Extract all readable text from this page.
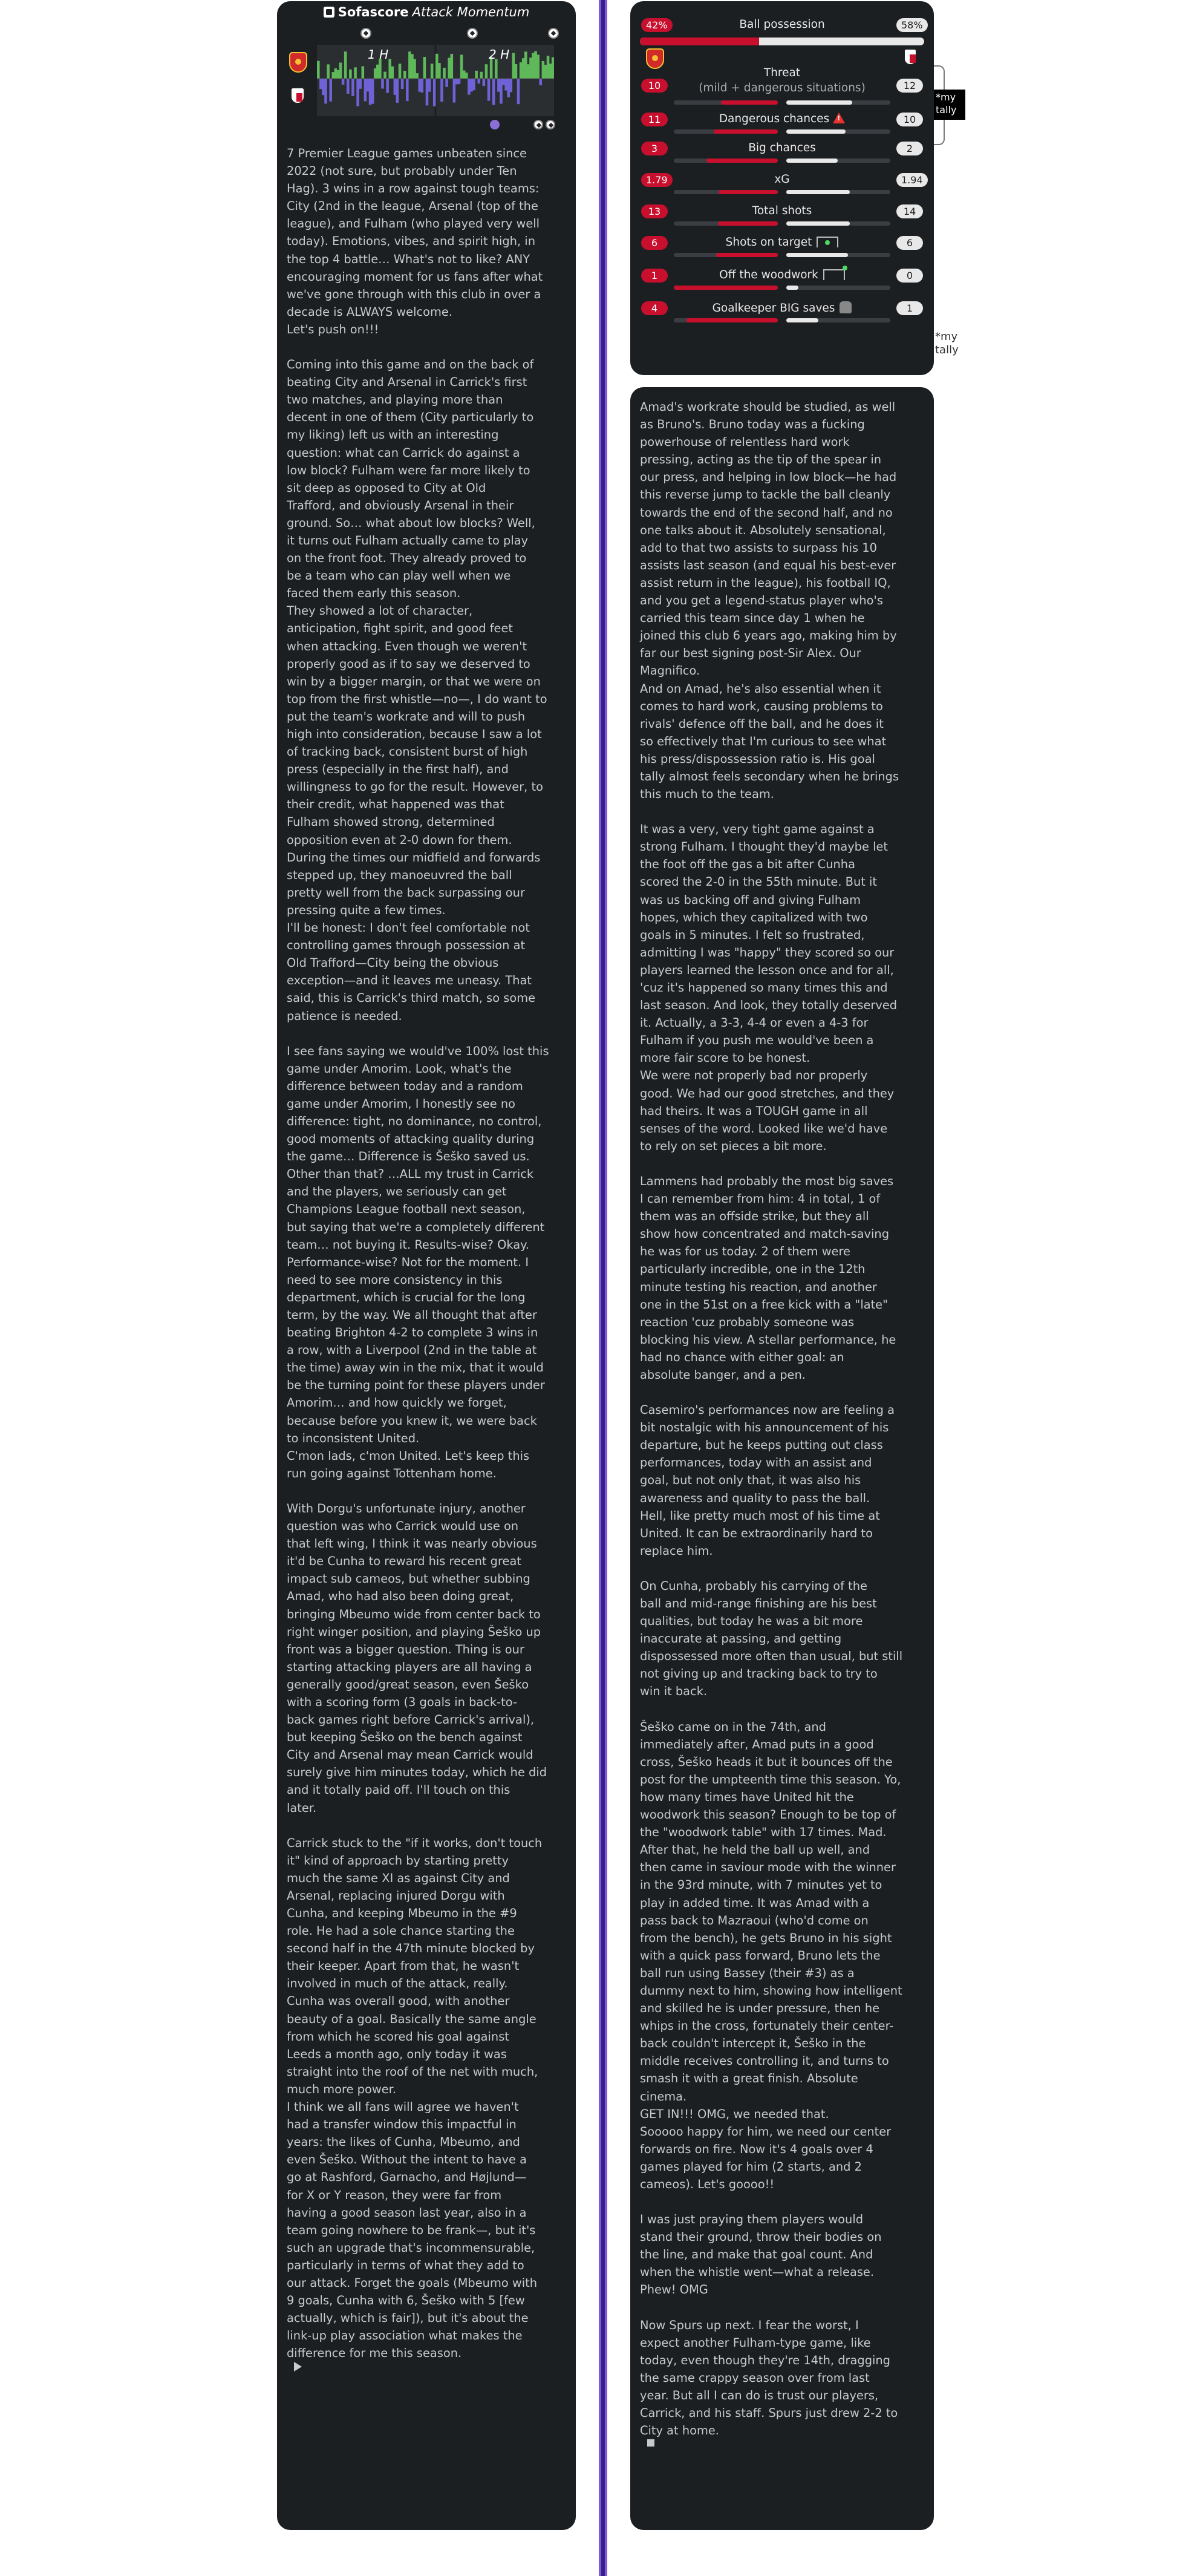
Sofascore Attack Momentum
1 H	2 H

7 Premier League games unbeaten since
2022 (not sure, but probably under Ten
Hag). 3 wins in a row against tough teams:
City (2nd in the league, Arsenal (top of the
league), and Fulham (who played very well
today). Emotions, vibes, and spirit high, in
the top 4 battle… What's not to like? ANY
encouraging moment for us fans after what
we've gone through with this club in over a
decade is ALWAYS welcome.
Let's push on!!!

Coming into this game and on the back of
beating City and Arsenal in Carrick's first
two matches, and playing more than
decent in one of them (City particularly to
my liking) left us with an interesting
question: what can Carrick do against a
low block? Fulham were far more likely to
sit deep as opposed to City at Old
Trafford, and obviously Arsenal in their
ground. So… what about low blocks? Well,
it turns out Fulham actually came to play
on the front foot. They already proved to
be a team who can play well when we
faced them early this season.
They showed a lot of character,
anticipation, fight spirit, and good feet
when attacking. Even though we weren't
properly good as if to say we deserved to
win by a bigger margin, or that we were on
top from the first whistle—no—, I do want to
put the team's workrate and will to push
high into consideration, because I saw a lot
of tracking back, consistent burst of high
press (especially in the first half), and
willingness to go for the result. However, to
their credit, what happened was that
Fulham showed strong, determined
opposition even at 2-0 down for them.
During the times our midfield and forwards
stepped up, they manoeuvred the ball
pretty well from the back surpassing our
pressing quite a few times.
I'll be honest: I don't feel comfortable not
controlling games through possession at
Old Trafford—City being the obvious
exception—and it leaves me uneasy. That
said, this is Carrick's third match, so some
patience is needed.

I see fans saying we would've 100% lost this
game under Amorim. Look, what's the
difference between today and a random
game under Amorim, I honestly see no
difference: tight, no dominance, no control,
good moments of attacking quality during
the game… Difference is Šeško saved us.
Other than that? …ALL my trust in Carrick
and the players, we seriously can get
Champions League football next season,
but saying that we're a completely different
team… not buying it. Results-wise? Okay.
Performance-wise? Not for the moment. I
need to see more consistency in this
department, which is crucial for the long
term, by the way. We all thought that after
beating Brighton 4-2 to complete 3 wins in
a row, with a Liverpool (2nd in the table at
the time) away win in the mix, that it would
be the turning point for these players under
Amorim… and how quickly we forget,
because before you knew it, we were back
to inconsistent United.
C'mon lads, c'mon United. Let's keep this
run going against Tottenham home.

With Dorgu's unfortunate injury, another
question was who Carrick would use on
that left wing, I think it was nearly obvious
it'd be Cunha to reward his recent great
impact sub cameos, but whether subbing
Amad, who had also been doing great,
bringing Mbeumo wide from center back to
right winger position, and playing Šeško up
front was a bigger question. Thing is our
starting attacking players are all having a
generally good/great season, even Šeško
with a scoring form (3 goals in back-to-
back games right before Carrick's arrival),
but keeping Šeško on the bench against
City and Arsenal may mean Carrick would
surely give him minutes today, which he did
and it totally paid off. I'll touch on this
later.

Carrick stuck to the "if it works, don't touch
it" kind of approach by starting pretty
much the same XI as against City and
Arsenal, replacing injured Dorgu with
Cunha, and keeping Mbeumo in the #9
role. He had a sole chance starting the
second half in the 47th minute blocked by
their keeper. Apart from that, he wasn't
involved in much of the attack, really.
Cunha was overall good, with another
beauty of a goal. Basically the same angle
from which he scored his goal against
Leeds a month ago, only today it was
straight into the roof of the net with much,
much more power.
I think we all fans will agree we haven't
had a transfer window this impactful in
years: the likes of Cunha, Mbeumo, and
even Šeško. Without the intent to have a
go at Rashford, Garnacho, and Højlund—
for X or Y reason, they were far from
having a good season last year, also in a
team going nowhere to be frank—, but it's
such an upgrade that's incommensurable,
particularly in terms of what they add to
our attack. Forget the goals (Mbeumo with
9 goals, Cunha with 6, Šeško with 5 [few
actually, which is fair]), but it's about the
link-up play association what makes the
difference for me this season.

42%	Ball possession	58%
10
Threat
(mild + dangerous situations)	12
11	Dangerous chances!	10
3	Big chances	2
1.79	xG	1.94
13	Total shots	14
6	Shots on target	6
1	Off the woodwork	0
4	Goalkeeper BIG saves	1
*my
tally
*my
tally

Amad's workrate should be studied, as well
as Bruno's. Bruno today was a fucking
powerhouse of relentless hard work
pressing, acting as the tip of the spear in
our press, and helping in low block—he had
this reverse jump to tackle the ball cleanly
towards the end of the second half, and no
one talks about it. Absolutely sensational,
add to that two assists to surpass his 10
assists last season (and equal his best-ever
assist return in the league), his football IQ,
and you get a legend-status player who's
carried this team since day 1 when he
joined this club 6 years ago, making him by
far our best signing post-Sir Alex. Our
Magnifico.
And on Amad, he's also essential when it
comes to hard work, causing problems to
rivals' defence off the ball, and he does it
so effectively that I'm curious to see what
his press/dispossession ratio is. His goal
tally almost feels secondary when he brings
this much to the team.

It was a very, very tight game against a
strong Fulham. I thought they'd maybe let
the foot off the gas a bit after Cunha
scored the 2-0 in the 55th minute. But it
was us backing off and giving Fulham
hopes, which they capitalized with two
goals in 5 minutes. I felt so frustrated,
admitting I was "happy" they scored so our
players learned the lesson once and for all,
'cuz it's happened so many times this and
last season. And look, they totally deserved
it. Actually, a 3-3, 4-4 or even a 4-3 for
Fulham if you push me would've been a
more fair score to be honest.
We were not properly bad nor properly
good. We had our good stretches, and they
had theirs. It was a TOUGH game in all
senses of the word. Looked like we'd have
to rely on set pieces a bit more.

Lammens had probably the most big saves
I can remember from him: 4 in total, 1 of
them was an offside strike, but they all
show how concentrated and match-saving
he was for us today. 2 of them were
particularly incredible, one in the 12th
minute testing his reaction, and another
one in the 51st on a free kick with a "late"
reaction 'cuz probably someone was
blocking his view. A stellar performance, he
had no chance with either goal: an
absolute banger, and a pen.

Casemiro's performances now are feeling a
bit nostalgic with his announcement of his
departure, but he keeps putting out class
performances, today with an assist and
goal, but not only that, it was also his
awareness and quality to pass the ball.
Hell, like pretty much most of his time at
United. It can be extraordinarily hard to
replace him.

On Cunha, probably his carrying of the
ball and mid-range finishing are his best
qualities, but today he was a bit more
inaccurate at passing, and getting
dispossessed more often than usual, but still
not giving up and tracking back to try to
win it back.

Šeško came on in the 74th, and
immediately after, Amad puts in a good
cross, Šeško heads it but it bounces off the
post for the umpteenth time this season. Yo,
how many times have United hit the
woodwork this season? Enough to be top of
the "woodwork table" with 17 times. Mad.
After that, he held the ball up well, and
then came in saviour mode with the winner
in the 93rd minute, with 7 minutes yet to
play in added time. It was Amad with a
pass back to Mazraoui (who'd come on
from the bench), he gets Bruno in his sight
with a quick pass forward, Bruno lets the
ball run using Bassey (their #3) as a
dummy next to him, showing how intelligent
and skilled he is under pressure, then he
whips in the cross, fortunately their center-
back couldn't intercept it, Šeško in the
middle receives controlling it, and turns to
smash it with a great finish. Absolute
cinema.
GET IN!!! OMG, we needed that.
Sooooo happy for him, we need our center
forwards on fire. Now it's 4 goals over 4
games played for him (2 starts, and 2
cameos). Let's goooo!!

I was just praying them players would
stand their ground, throw their bodies on
the line, and make that goal count. And
when the whistle went—what a release.
Phew! OMG

Now Spurs up next. I fear the worst, I
expect another Fulham-type game, like
today, even though they're 14th, dragging
the same crappy season over from last
year. But all I can do is trust our players,
Carrick, and his staff. Spurs just drew 2-2 to
City at home.
